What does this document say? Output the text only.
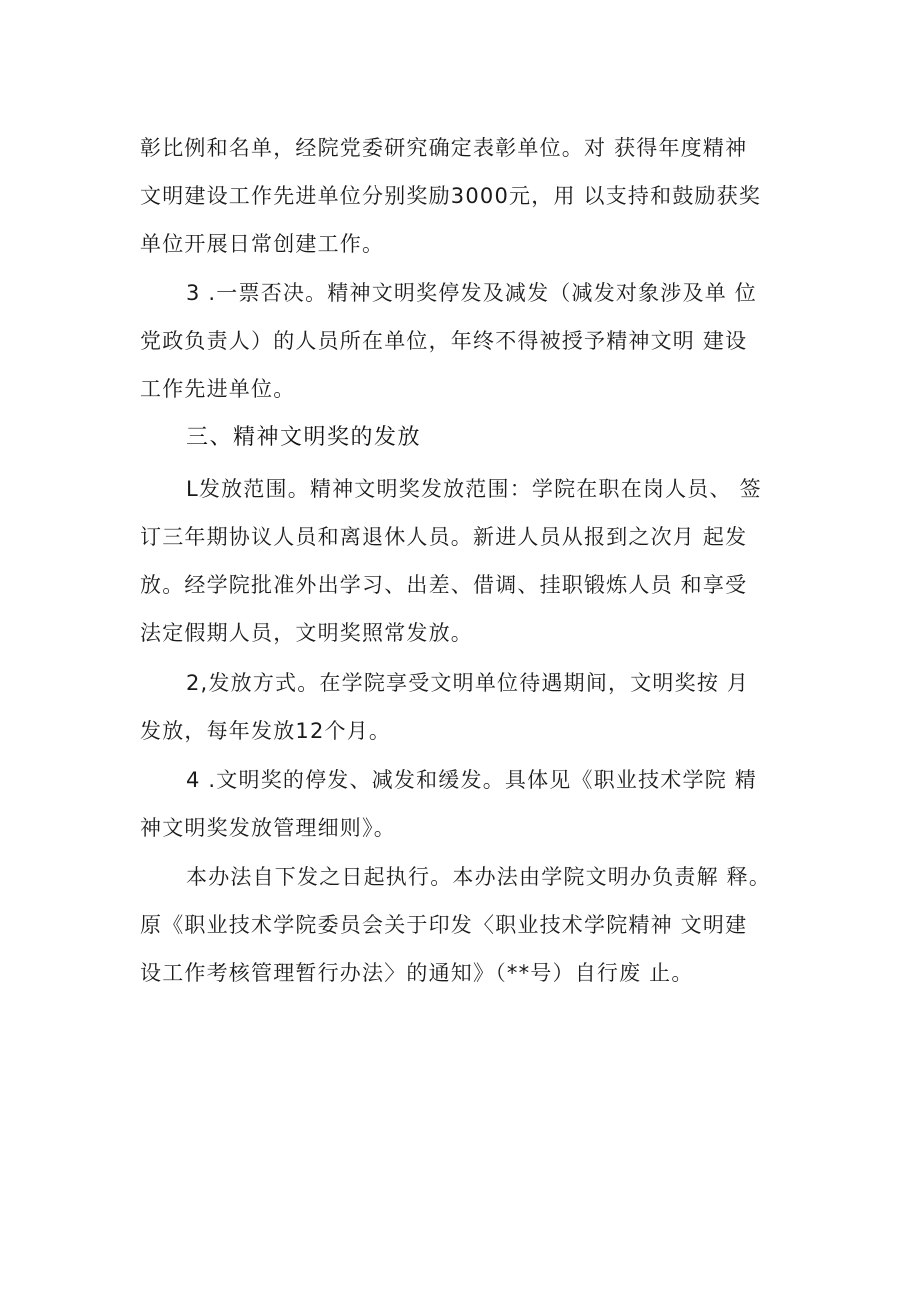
彰比例和名单，经院党委研究确定表彰单位。对 获得年度精神
文明建设工作先进单位分别奖励3000元，用 以支持和鼓励获奖
单位开展日常创建工作。
3 .一票否决。精神文明奖停发及减发（减发对象涉及单 位
党政负责人）的人员所在单位，年终不得被授予精神文明 建设
工作先进单位。
三、精神文明奖的发放
L发放范围。精神文明奖发放范围：学院在职在岗人员、 签
订三年期协议人员和离退休人员。新进人员从报到之次月 起发
放。经学院批准外出学习、出差、借调、挂职锻炼人员 和享受
法定假期人员，文明奖照常发放。
2,发放方式。在学院享受文明单位待遇期间，文明奖按 月
发放，每年发放12个月。
4 .文明奖的停发、减发和缓发。具体见《职业技术学院 精
神文明奖发放管理细则》。
本办法自下发之日起执行。本办法由学院文明办负责解 释。
原《职业技术学院委员会关于印发〈职业技术学院精神 文明建
设工作考核管理暂行办法〉的通知》（**号）自行废 止。
